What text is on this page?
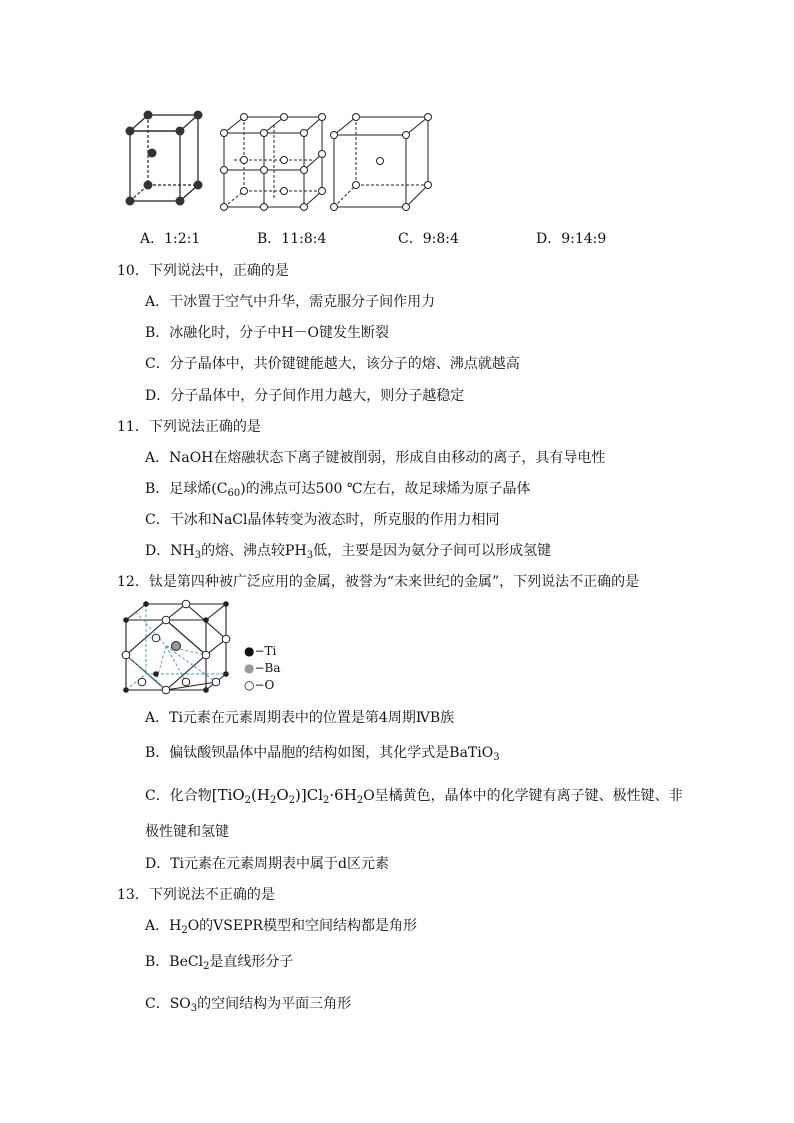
A．1:2:1	B．11:8:4	C．9:8:4	D．9:14:9
10．下列说法中，正确的是
A．干冰置于空气中升华，需克服分子间作用力
B．冰融化时，分子中H－O键发生断裂
C．分子晶体中，共价键键能越大，该分子的熔、沸点就越高
D．分子晶体中，分子间作用力越大，则分子越稳定
11．下列说法正确的是
A．NaOH在熔融状态下离子键被削弱，形成自由移动的离子，具有导电性
B．足球烯$(C_{60})$的沸点可达500 ℃左右，故足球烯为原子晶体
C．干冰和NaCl晶体转变为液态时，所克服的作用力相同
D．$NH_3$的熔、沸点较$PH_3$低，主要是因为氨分子间可以形成氢键
12．钛是第四种被广泛应用的金属，被誉为“未来世纪的金属”，下列说法不正确的是
●−Ti
●−Ba
○−O
A．Ti元素在元素周期表中的位置是第4周期ⅣB族
B．偏钛酸钡晶体中晶胞的结构如图，其化学式是BaTiO$_3$
C．化合物$[TiO_2(H_2O_2)]Cl_2\cdot 6H_2O$呈橘黄色，晶体中的化学键有离子键、极性键、非
极性键和氢键
D．Ti元素在元素周期表中属于d区元素
13．下列说法不正确的是
A．$H_2O$的VSEPR模型和空间结构都是角形
B．BeCl$_2$是直线形分子
C．$SO_3$的空间结构为平面三角形
